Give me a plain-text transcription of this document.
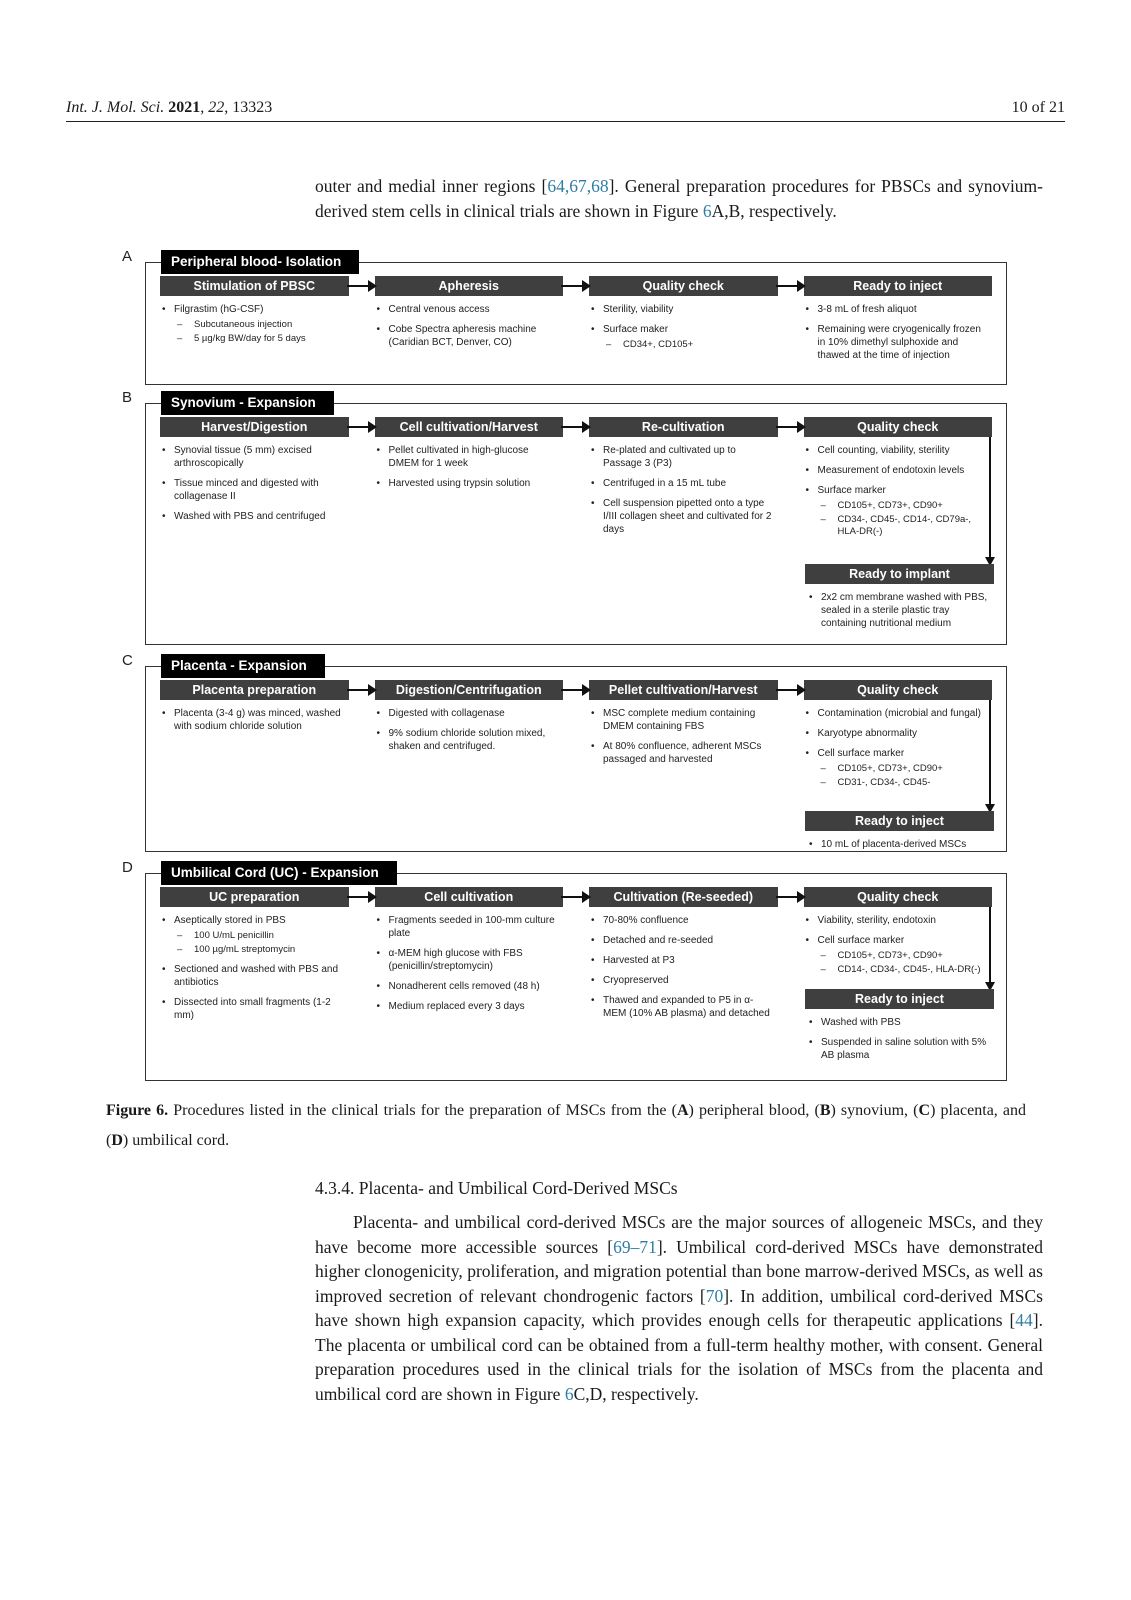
Int. J. Mol. Sci. 2021, 22, 13323	10 of 21
outer and medial inner regions [64,67,68]. General preparation procedures for PBSCs and synovium-derived stem cells in clinical trials are shown in Figure 6A,B, respectively.
A	Peripheral blood- Isolation
Stimulation of PBSC
• Filgrastim (hG-CSF)
–	Subcutaneous injection
–	5 µg/kg BW/day for 5 days
Apheresis
• Central venous access
• Cobe Spectra apheresis machine (Caridian BCT, Denver, CO)
Quality check
• Sterility, viability
• Surface maker
–	CD34+, CD105+
Ready to inject
• 3-8 mL of fresh aliquot
• Remaining were cryogenically frozen in 10% dimethyl sulphoxide and thawed at the time of injection
B	Synovium - Expansion
Harvest/Digestion
• Synovial tissue (5 mm) excised arthroscopically
• Tissue minced and digested with collagenase II
• Washed with PBS and centrifuged
Cell cultivation/Harvest
• Pellet cultivated in high-glucose DMEM for 1 week
• Harvested using trypsin solution
Re-cultivation
• Re-plated and cultivated up to Passage 3 (P3)
• Centrifuged in a 15 mL tube
• Cell suspension pipetted onto a type I/III collagen sheet and cultivated for 2 days
Quality check
• Cell counting, viability, sterility
• Measurement of endotoxin levels
• Surface marker
–	CD105+, CD73+, CD90+
–	CD34-, CD45-, CD14-, CD79a-, HLA-DR(-)
Ready to implant
• 2x2 cm membrane washed with PBS, sealed in a sterile plastic tray containing nutritional medium
C	Placenta - Expansion
Placenta preparation
• Placenta (3-4 g) was minced, washed with sodium chloride solution
Digestion/Centrifugation
• Digested with collagenase
• 9% sodium chloride solution mixed, shaken and centrifuged.
Pellet cultivation/Harvest
• MSC complete medium containing DMEM containing FBS
• At 80% confluence, adherent MSCs passaged and harvested
Quality check
• Contamination (microbial and fungal)
• Karyotype abnormality
• Cell surface marker
–	CD105+, CD73+, CD90+
–	CD31-, CD34-, CD45-
Ready to inject
• 10 mL of placenta-derived MSCs
D	Umbilical Cord (UC) - Expansion
UC preparation
• Aseptically stored in PBS
–	100 U/mL penicillin
–	100 µg/mL streptomycin
• Sectioned and washed with PBS and antibiotics
• Dissected into small fragments (1-2 mm)
Cell cultivation
• Fragments seeded in 100-mm culture plate
• α-MEM high glucose with FBS (penicillin/streptomycin)
• Nonadherent cells removed (48 h)
• Medium replaced every 3 days
Cultivation (Re-seeded)
• 70-80% confluence
• Detached and re-seeded
• Harvested at P3
• Cryopreserved
• Thawed and expanded to P5 in α-MEM (10% AB plasma) and detached
Quality check
• Viability, sterility, endotoxin
• Cell surface marker
–	CD105+, CD73+, CD90+
–	CD14-, CD34-, CD45-, HLA-DR(-)
Ready to inject
• Washed with PBS
• Suspended in saline solution with 5% AB plasma
Figure 6. Procedures listed in the clinical trials for the preparation of MSCs from the (A) peripheral blood, (B) synovium, (C) placenta, and (D) umbilical cord.
4.3.4. Placenta- and Umbilical Cord-Derived MSCs
Placenta- and umbilical cord-derived MSCs are the major sources of allogeneic MSCs, and they have become more accessible sources [69–71]. Umbilical cord-derived MSCs have demonstrated higher clonogenicity, proliferation, and migration potential than bone marrow-derived MSCs, as well as improved secretion of relevant chondrogenic factors [70]. In addition, umbilical cord-derived MSCs have shown high expansion capacity, which provides enough cells for therapeutic applications [44]. The placenta or umbilical cord can be obtained from a full-term healthy mother, with consent. General preparation procedures used in the clinical trials for the isolation of MSCs from the placenta and umbilical cord are shown in Figure 6C,D, respectively.
